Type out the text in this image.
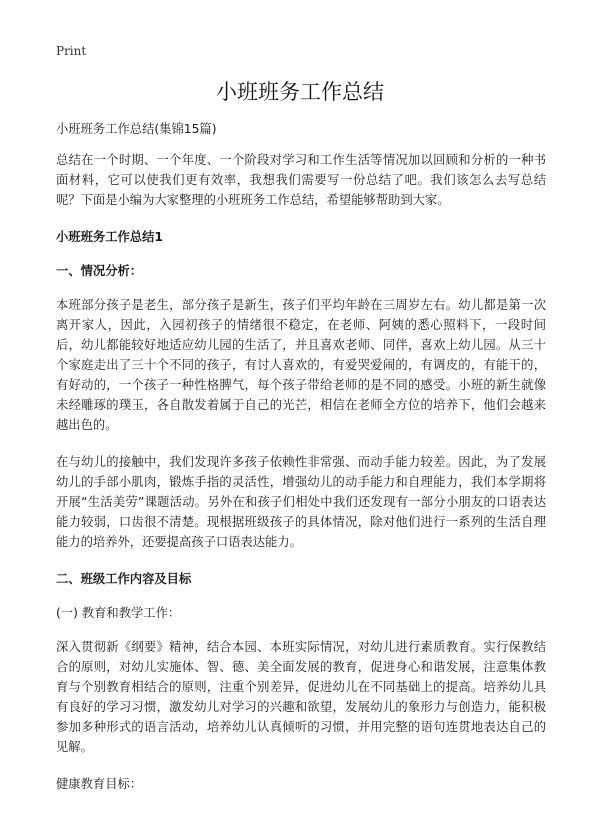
Print
小班班务工作总结

小班班务工作总结(集锦15篇)

总结在一个时期、一个年度、一个阶段对学习和工作生活等情况加以回顾和分析的一种书面材料，它可以使我们更有效率，我想我们需要写一份总结了吧。我们该怎么去写总结呢？下面是小编为大家整理的小班班务工作总结，希望能够帮助到大家。

小班班务工作总结1

一、情况分析：

本班部分孩子是老生，部分孩子是新生，孩子们平均年龄在三周岁左右。幼儿都是第一次离开家人，因此，入园初孩子的情绪很不稳定，在老师、阿姨的悉心照料下，一段时间后，幼儿都能较好地适应幼儿园的生活了，并且喜欢老师、同伴，喜欢上幼儿园。从三十个家庭走出了三十个不同的孩子，有讨人喜欢的，有爱哭爱闹的，有调皮的，有能干的，有好动的，一个孩子一种性格脾气，每个孩子带给老师的是不同的感受。小班的新生就像未经雕琢的璞玉，各自散发着属于自己的光芒，相信在老师全方位的培养下，他们会越来越出色的。

在与幼儿的接触中，我们发现许多孩子依赖性非常强、而动手能力较差。因此，为了发展幼儿的手部小肌肉，锻炼手指的灵活性，增强幼儿的动手能力和自理能力，我们本学期将开展“生活美劳”课题活动。另外在和孩子们相处中我们还发现有一部分小朋友的口语表达能力较弱，口齿很不清楚。现根据班级孩子的具体情况，除对他们进行一系列的生活自理能力的培养外，还要提高孩子口语表达能力。

二、班级工作内容及目标

(一) 教育和教学工作：

深入贯彻新《纲要》精神，结合本园、本班实际情况，对幼儿进行素质教育。实行保教结合的原则，对幼儿实施体、智、德、美全面发展的教育，促进身心和谐发展，注意集体教育与个别教育相结合的原则，注重个别差异，促进幼儿在不同基础上的提高。培养幼儿具有良好的学习习惯，激发幼儿对学习的兴趣和欲望，发展幼儿的象形力与创造力，能积极参加多种形式的语言活动，培养幼儿认真倾听的习惯，并用完整的语句连贯地表达自己的见解。

健康教育目标：
